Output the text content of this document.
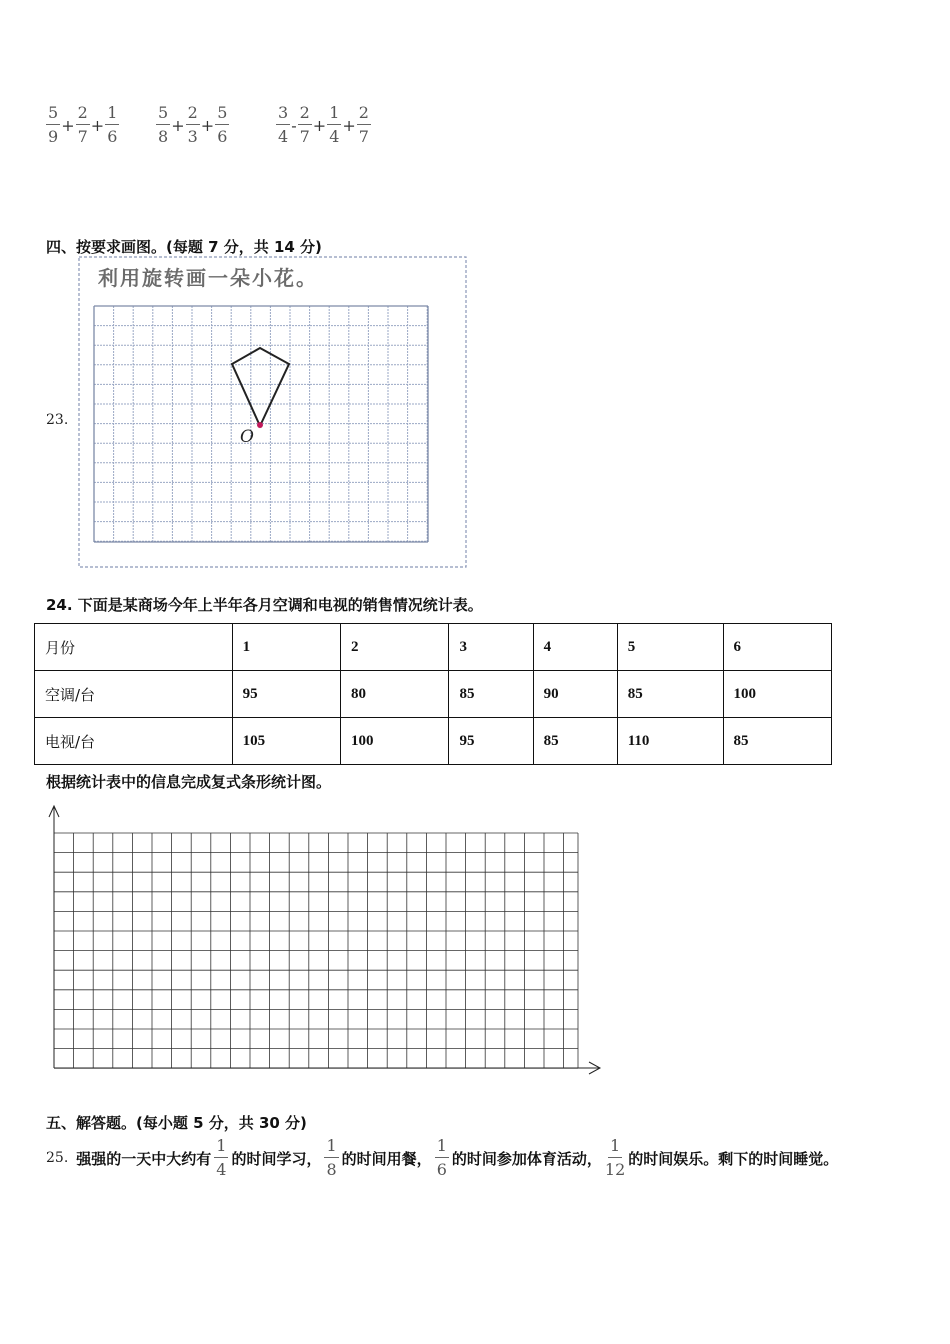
$\frac{5}{9} + \frac{2}{7} + \frac{1}{6} \frac{5}{8} + \frac{2}{3} + \frac{5}{6}$	$\frac{3}{4} - \frac{2}{7} + \frac{1}{4} + \frac{2}{7}$
四、按要求画图。(每题 7 分，共 14 分)
23.
利用旋转画一朵小花。
O
24. 下面是某商场今年上半年各月空调和电视的销售情况统计表。
月份	1	2	3	4	5	6
空调/台	95	80	85	90	85	100
电视/台	105	100	95	85	110	85
根据统计表中的信息完成复式条形统计图。
五、解答题。(每小题 5 分，共 30 分)
25. 强强的一天中大约有 $\frac{1}{4}$ 的时间学习， $\frac{1}{8}$ 的时间用餐， $\frac{1}{6}$ 的时间参加体育活动， $\frac{1}{12}$ 的时间娱乐。剩下的时间睡觉。
